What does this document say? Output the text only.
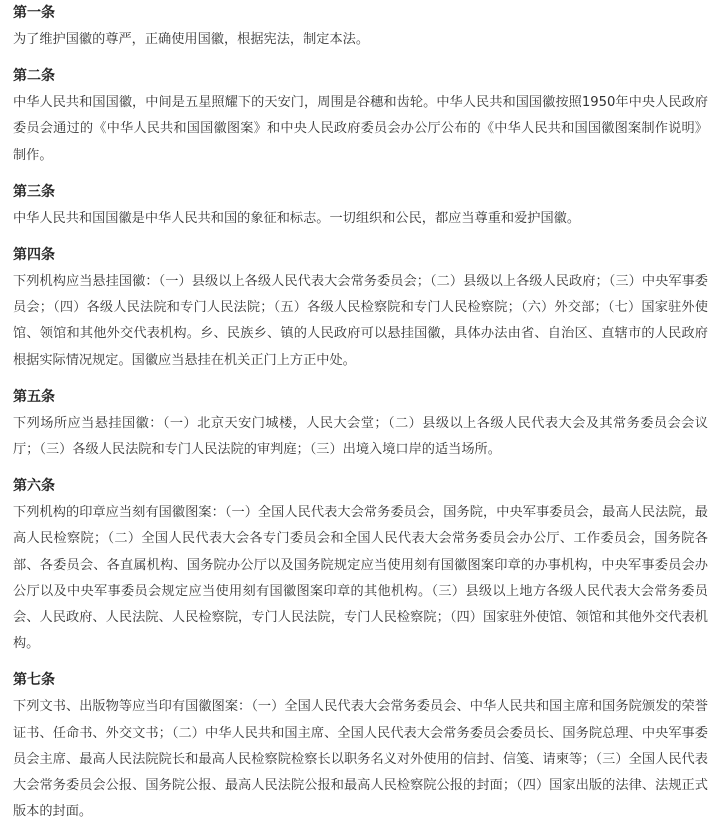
第一条
为了维护国徽的尊严，正确使用国徽，根据宪法，制定本法。
第二条
中华人民共和国国徽，中间是五星照耀下的天安门，周围是谷穗和齿轮。中华人民共和国国徽按照1950年中央人民政府委员会通过的《中华人民共和国国徽图案》和中央人民政府委员会办公厅公布的《中华人民共和国国徽图案制作说明》制作。
第三条
中华人民共和国国徽是中华人民共和国的象征和标志。一切组织和公民，都应当尊重和爱护国徽。
第四条
下列机构应当悬挂国徽：（一）县级以上各级人民代表大会常务委员会；（二）县级以上各级人民政府；（三）中央军事委员会；（四）各级人民法院和专门人民法院；（五）各级人民检察院和专门人民检察院；（六）外交部；（七）国家驻外使馆、领馆和其他外交代表机构。乡、民族乡、镇的人民政府可以悬挂国徽，具体办法由省、自治区、直辖市的人民政府根据实际情况规定。国徽应当悬挂在机关正门上方正中处。
第五条
下列场所应当悬挂国徽：（一）北京天安门城楼，人民大会堂；（二）县级以上各级人民代表大会及其常务委员会会议厅；（三）各级人民法院和专门人民法院的审判庭；（三）出境入境口岸的适当场所。
第六条
下列机构的印章应当刻有国徽图案：（一）全国人民代表大会常务委员会，国务院，中央军事委员会，最高人民法院，最高人民检察院；（二）全国人民代表大会各专门委员会和全国人民代表大会常务委员会办公厅、工作委员会，国务院各部、各委员会、各直属机构、国务院办公厅以及国务院规定应当使用刻有国徽图案印章的办事机构，中央军事委员会办公厅以及中央军事委员会规定应当使用刻有国徽图案印章的其他机构。（三）县级以上地方各级人民代表大会常务委员会、人民政府、人民法院、人民检察院，专门人民法院，专门人民检察院；（四）国家驻外使馆、领馆和其他外交代表机构。
第七条
下列文书、出版物等应当印有国徽图案：（一）全国人民代表大会常务委员会、中华人民共和国主席和国务院颁发的荣誉证书、任命书、外交文书；（二）中华人民共和国主席、全国人民代表大会常务委员会委员长、国务院总理、中央军事委员会主席、最高人民法院院长和最高人民检察院检察长以职务名义对外使用的信封、信笺、请柬等；（三）全国人民代表大会常务委员会公报、国务院公报、最高人民法院公报和最高人民检察院公报的封面；（四）国家出版的法律、法规正式版本的封面。
